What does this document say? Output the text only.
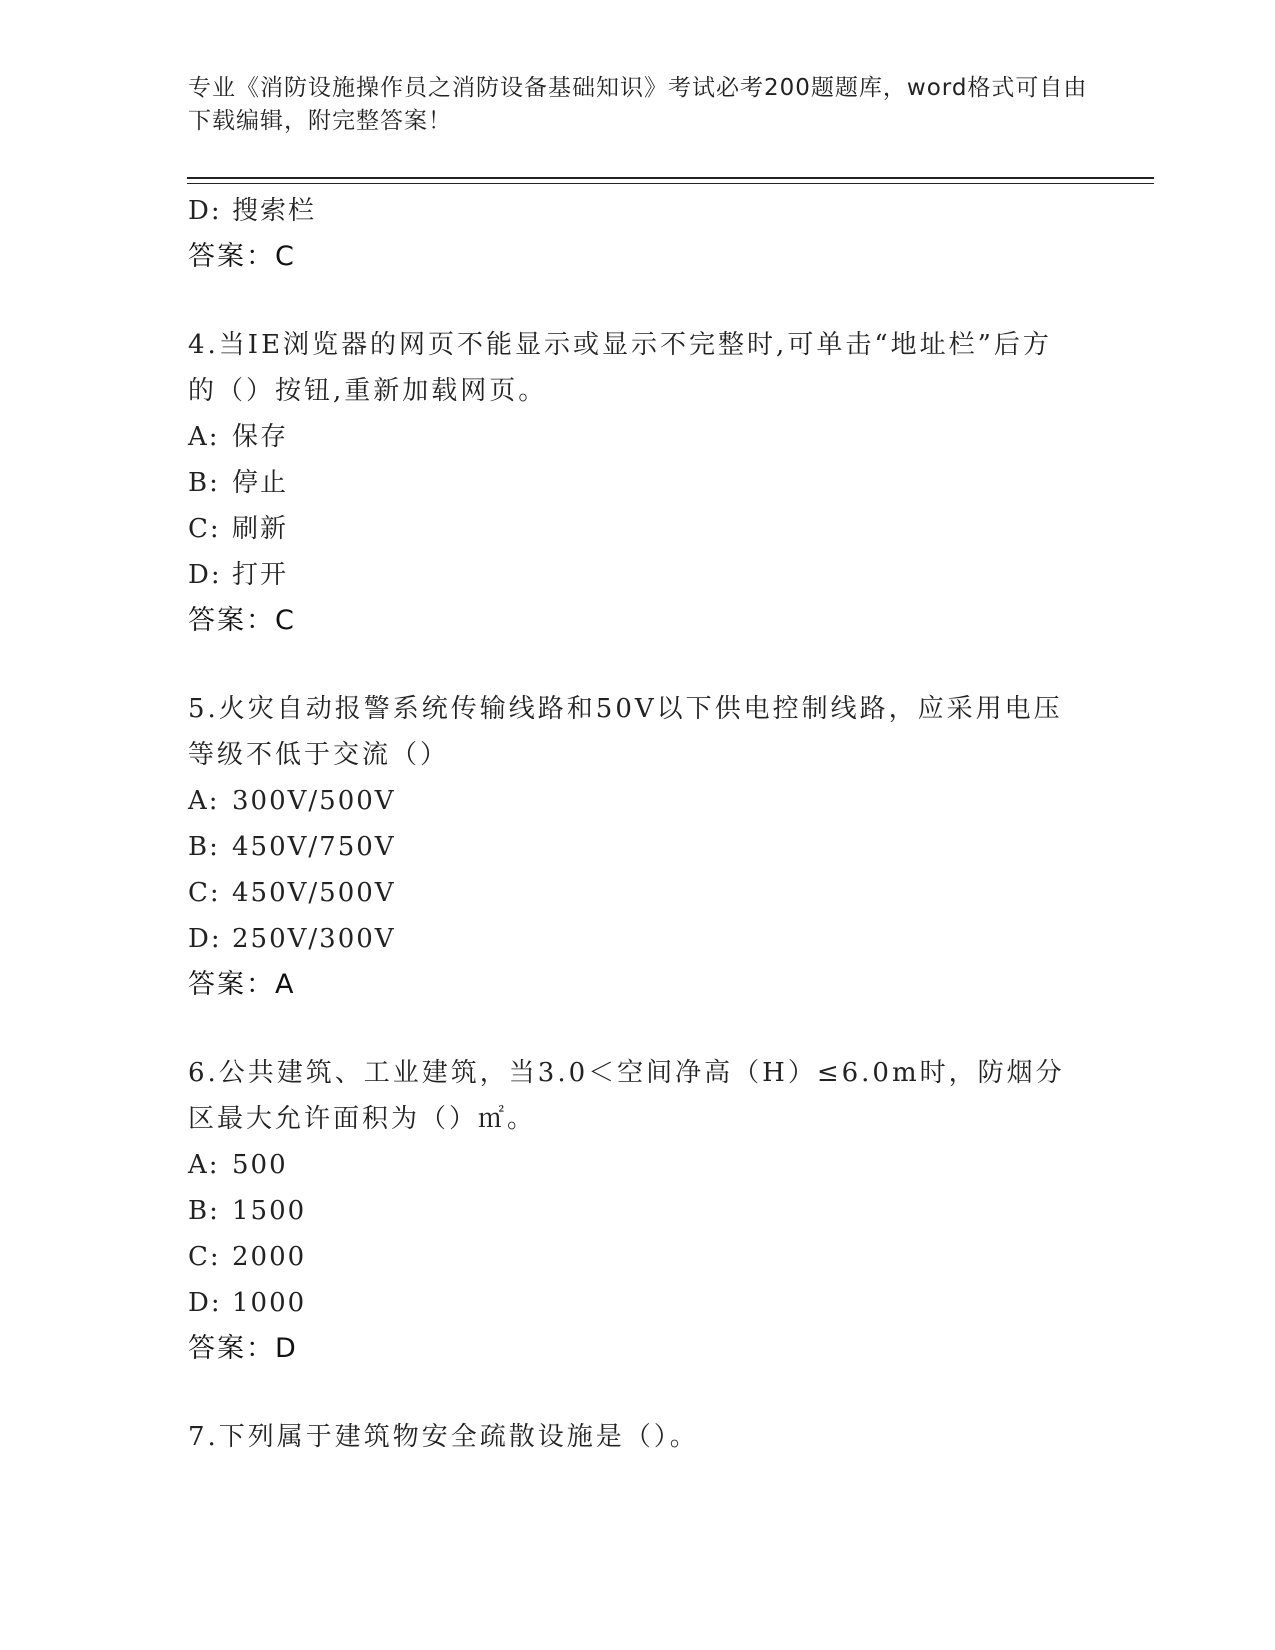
专业《消防设施操作员之消防设备基础知识》考试必考200题题库，word格式可自由下载编辑，附完整答案！
D: 搜索栏
答案：C
4.当IE浏览器的网页不能显示或显示不完整时,可单击“地址栏”后方的（）按钮,重新加载网页。
A: 保存
B: 停止
C: 刷新
D: 打开
答案：C
5.火灾自动报警系统传输线路和50V以下供电控制线路，应采用电压等级不低于交流（）
A: 300V/500V
B: 450V/750V
C: 450V/500V
D: 250V/300V
答案：A
6.公共建筑、工业建筑，当3.0＜空间净高（H）≤6.0m时，防烟分区最大允许面积为（）㎡。
A: 500
B: 1500
C: 2000
D: 1000
答案：D
7.下列属于建筑物安全疏散设施是（）。
